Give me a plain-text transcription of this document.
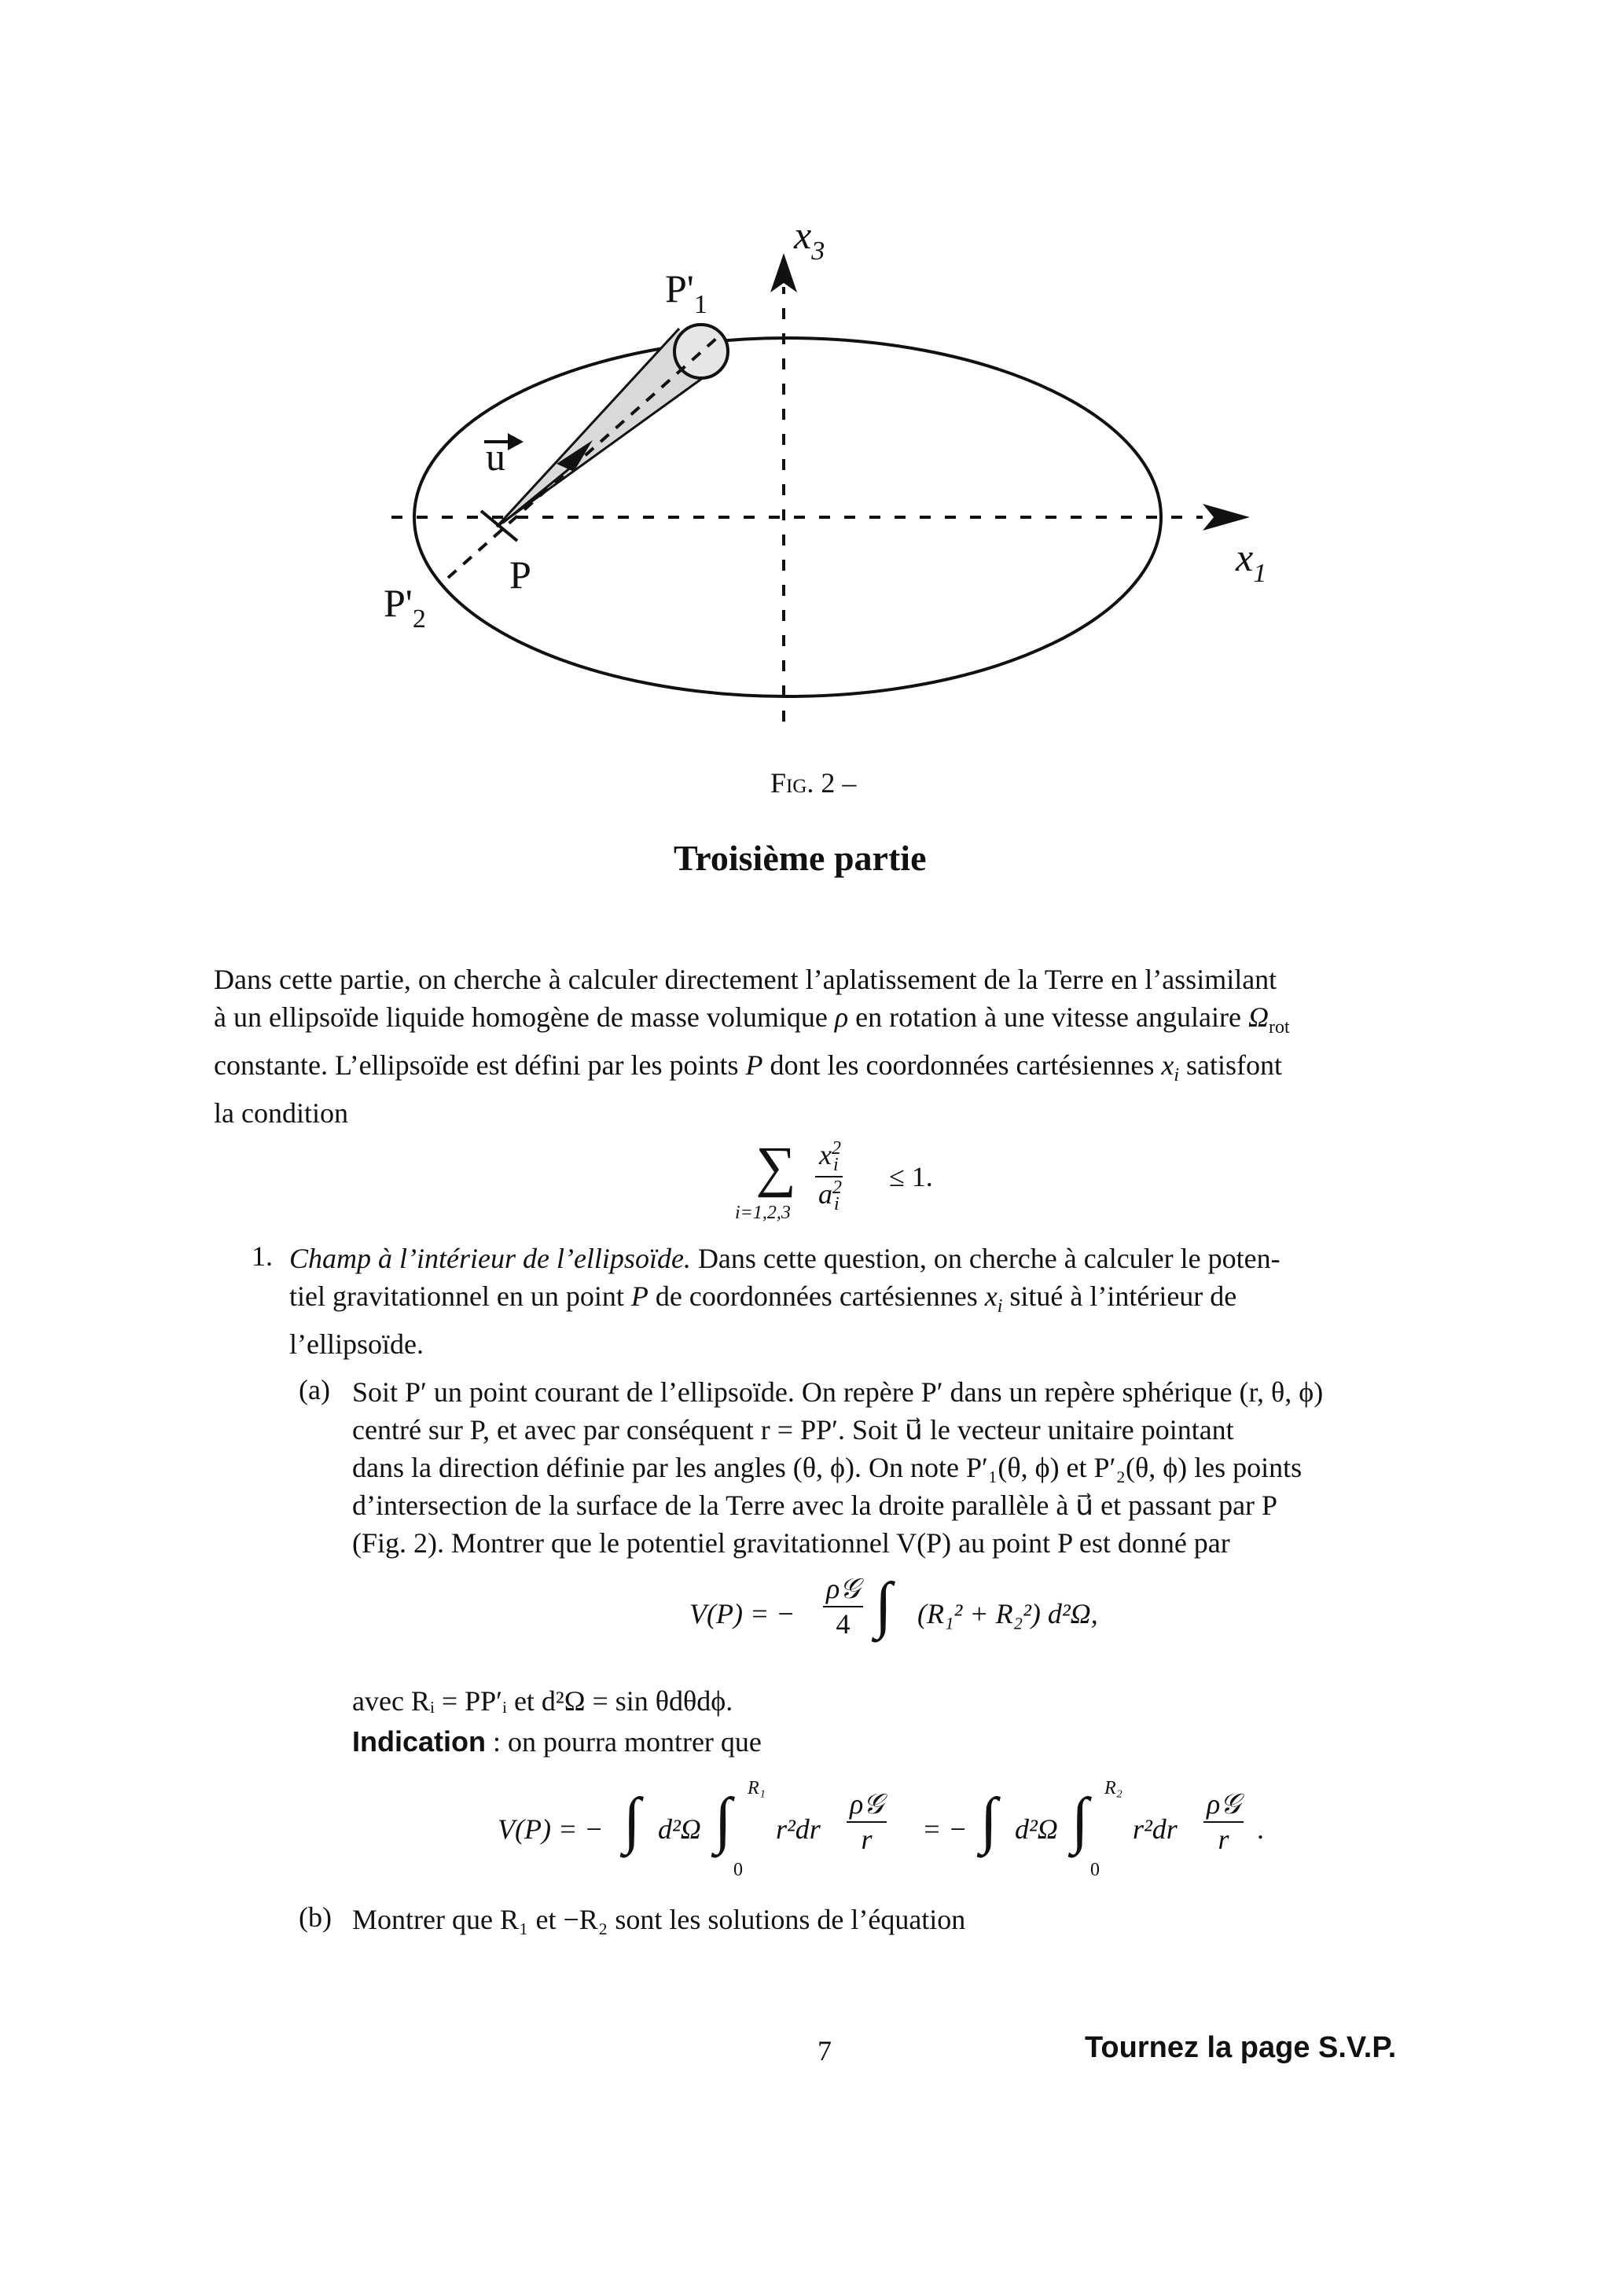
$x_3$
$x_1$
$P'_1$
$P'_2$
P
u
Fig. 2 –
Troisième partie
Dans cette partie, on cherche à calculer directement l’aplatissement de la Terre en l’assimilant
à un ellipsoïde liquide homogène de masse volumique ρ en rotation à une vitesse angulaire $\Omega_{rot}$
constante. L’ellipsoïde est défini par les points P dont les coordonnées cartésiennes $x_i$ satisfont
la condition
∑
$i=1,2,3 \frac{x^2_i}{a^2_i} \le 1$.
1. Champ à l’intérieur de l’ellipsoïde. Dans cette question, on cherche à calculer le poten-
tiel gravitationnel en un point P de coordonnées cartésiennes $x_i$ situé à l’intérieur de
l’ellipsoïde.
(a) Soit P′ un point courant de l’ellipsoïde. On repère P′ dans un repère sphérique (r, θ, ϕ)
centré sur P, et avec par conséquent r = PP′. Soit u⃗ le vecteur unitaire pointant
dans la direction définie par les angles (θ, ϕ). On note P′₁(θ, ϕ) et P′₂(θ, ϕ) les points
d’intersection de la surface de la Terre avec la droite parallèle à u⃗ et passant par P
(Fig. 2). Montrer que le potentiel gravitationnel V(P) au point P est donné par
V(P) = − $\frac{\text{ρ𝒢}}{4}$ ∫ (R₁² + R₂²) d²Ω,
avec Rᵢ = PP′ᵢ et d²Ω = sin θdθdϕ.
Indication : on pourra montrer que
V(P) = − ∫ d²Ω ∫ R₁
0
$r^2dr \frac{\text{ρ𝒢}}{r}$ = − ∫ d²Ω ∫ R₂
0
$r^2dr \frac{\text{ρ𝒢}}{r}$ .
(b) Montrer que R₁ et −R₂ sont les solutions de l’équation
7	Tournez la page S.V.P.
